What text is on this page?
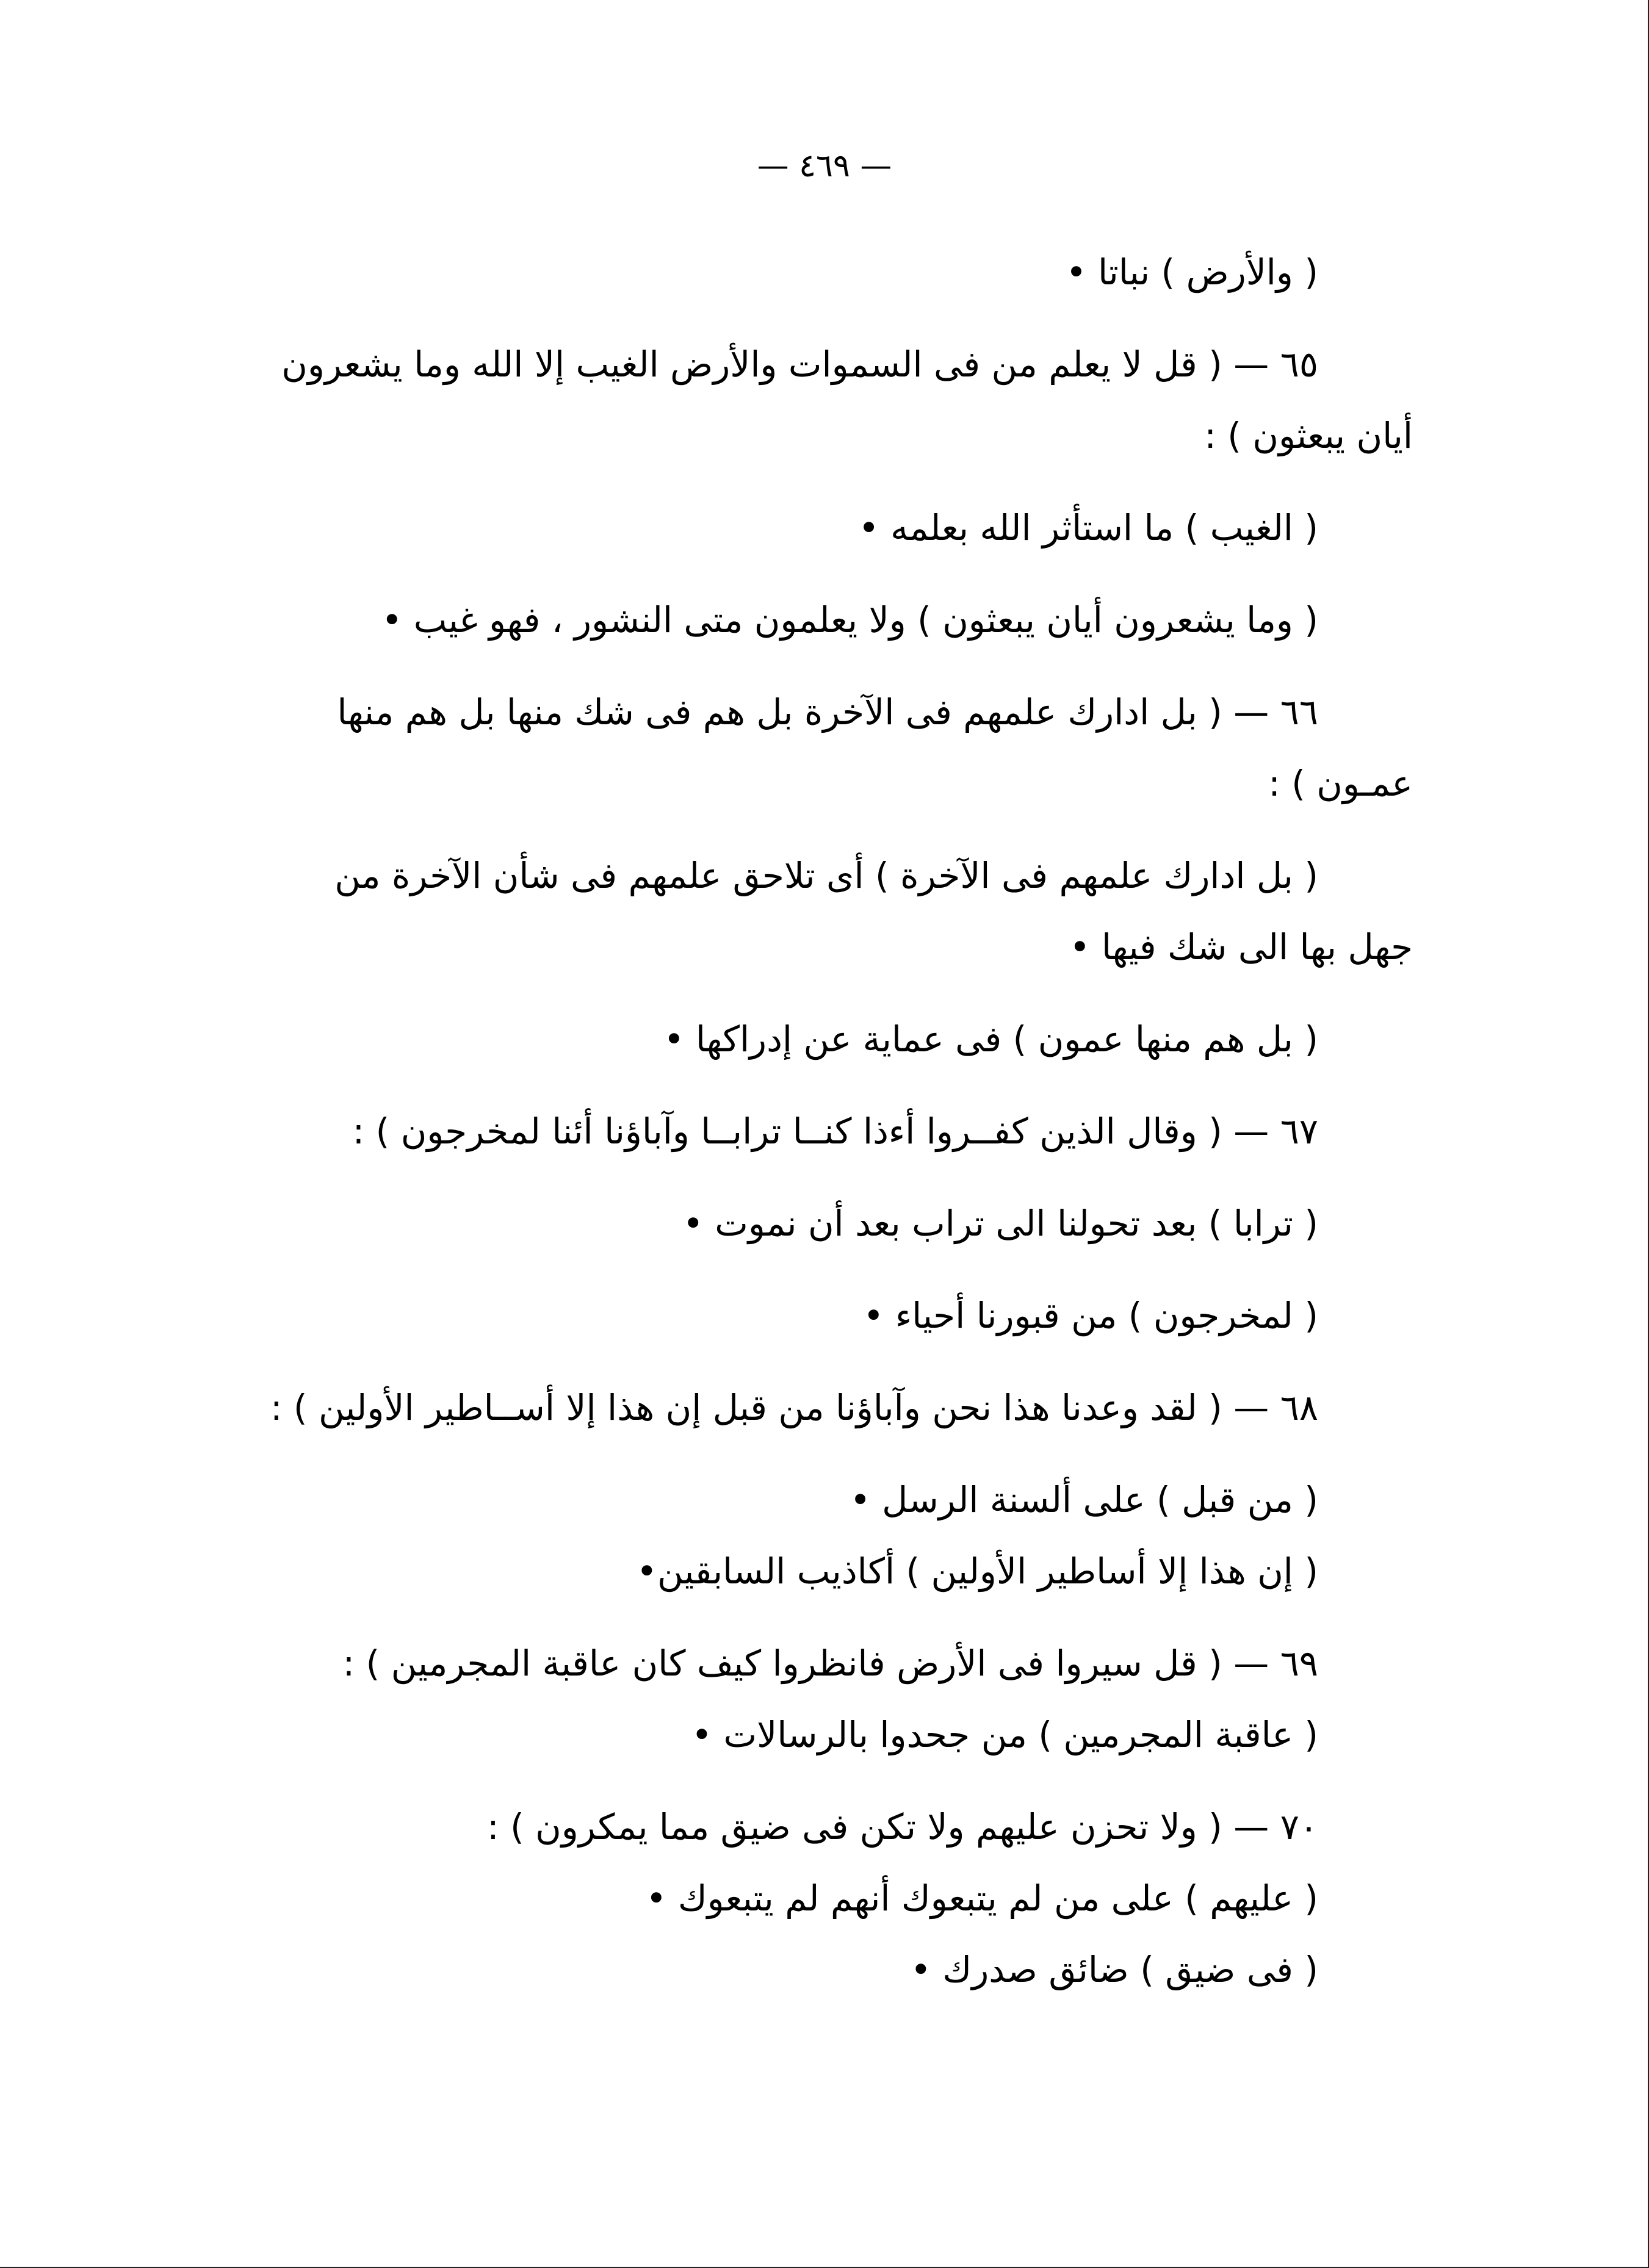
— ٤٦٩ —

( والأرض ) نباتا •

٦٥ — ( قل لا يعلم من فى السموات والأرض الغيب إلا الله وما يشعرون أيان يبعثون ) :

( الغيب ) ما استأثر الله بعلمه •

( وما يشعرون أيان يبعثون ) ولا يعلمون متى النشور ، فهو غيب •

٦٦ — ( بل ادارك علمهم فى الآخرة بل هم فى شك منها بل هم منها عمـون ) :

( بل ادارك علمهم فى الآخرة ) أى تلاحق علمهم فى شأن الآخرة من جهل بها الى شك فيها •

( بل هم منها عمون ) فى عماية عن إدراكها •

٦٧ — ( وقال الذين كفــروا أءذا كنــا ترابــا وآباؤنا أئنا لمخرجون ) :

( ترابا ) بعد تحولنا الى تراب بعد أن نموت •

( لمخرجون ) من قبورنا أحياء •

٦٨ — ( لقد وعدنا هذا نحن وآباؤنا من قبل إن هذا إلا أســاطير الأولين ) :

( من قبل ) على ألسنة الرسل •

( إن هذا إلا أساطير الأولين ) أكاذيب السابقين•

٦٩ — ( قل سيروا فى الأرض فانظروا كيف كان عاقبة المجرمين ) :

( عاقبة المجرمين ) من جحدوا بالرسالات •

٧٠ — ( ولا تحزن عليهم ولا تكن فى ضيق مما يمكرون ) :

( عليهم ) على من لم يتبعوك أنهم لم يتبعوك •

( فى ضيق ) ضائق صدرك •
